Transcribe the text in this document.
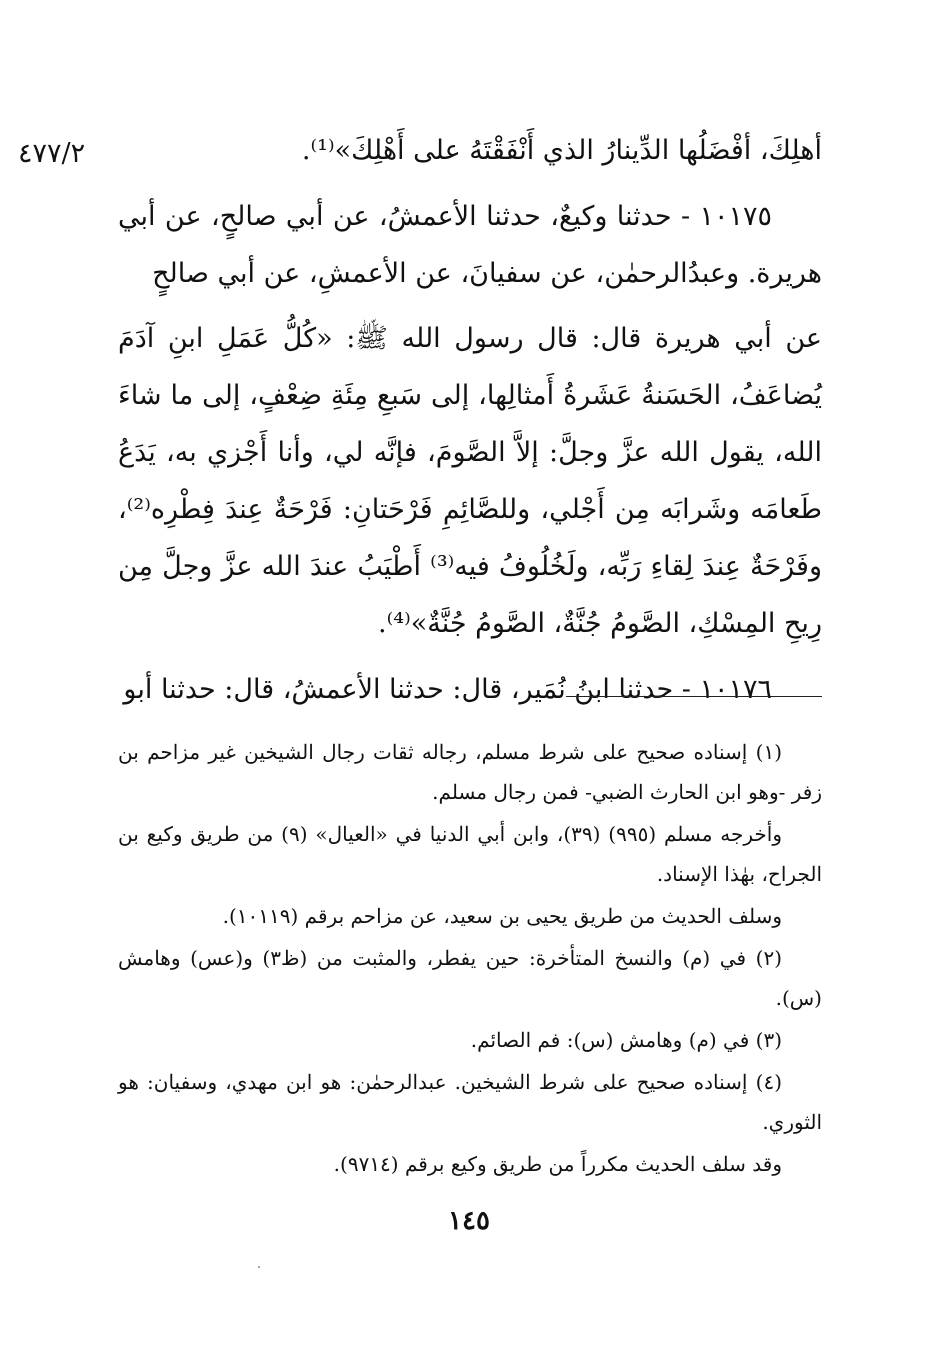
٤٧٧/٢	أهلِكَ، أفْضَلُها الدِّينارُ الذي أَنْفَقْتَهُ على أَهْلِكَ»⁽¹⁾.

١٠١٧٥ - حدثنا وكيعٌ، حدثنا الأعمشُ، عن أبي صالحٍ، عن أبي هريرة. وعبدُالرحمٰن، عن سفيانَ، عن الأعمشِ، عن أبي صالحٍ

عن أبي هريرة قال: قال رسول الله ﷺ: «كُلُّ عَمَلِ ابنِ آدَمَ يُضاعَفُ، الحَسَنةُ عَشَرةُ أَمثالِها، إلى سَبعِ مِئَةِ ضِعْفٍ، إلى ما شاءَ الله، يقول الله عزَّ وجلَّ: إلاَّ الصَّومَ، فإنَّه لي، وأنا أَجْزي به، يَدَعُ طَعامَه وشَرابَه مِن أَجْلي، وللصَّائِمِ فَرْحَتانِ: فَرْحَةٌ عِندَ فِطْرِه⁽²⁾، وفَرْحَةٌ عِندَ لِقاءِ رَبِّه، ولَخُلُوفُ فيه⁽³⁾ أَطْيَبُ عندَ الله عزَّ وجلَّ مِن رِيحِ المِسْكِ، الصَّومُ جُنَّةٌ، الصَّومُ جُنَّةٌ»⁽⁴⁾.

١٠١٧٦ - حدثنا ابنُ نُمَير، قال: حدثنا الأعمشُ، قال: حدثنا أبو

(١) إسناده صحيح على شرط مسلم، رجاله ثقات رجال الشيخين غير مزاحم بن زفر -وهو ابن الحارث الضبي- فمن رجال مسلم.

وأخرجه مسلم (٩٩٥) (٣٩)، وابن أبي الدنيا في «العيال» (٩) من طريق وكيع بن الجراح، بهٰذا الإسناد.

وسلف الحديث من طريق يحيى بن سعيد، عن مزاحم برقم (١٠١١٩).

(٢) في (م) والنسخ المتأخرة: حين يفطر، والمثبت من (ظ٣) و(عس) وهامش (س).

(٣) في (م) وهامش (س): فم الصائم.

(٤) إسناده صحيح على شرط الشيخين. عبدالرحمٰن: هو ابن مهدي، وسفيان: هو الثوري.

وقد سلف الحديث مكرراً من طريق وكيع برقم (٩٧١٤).

١٤٥
